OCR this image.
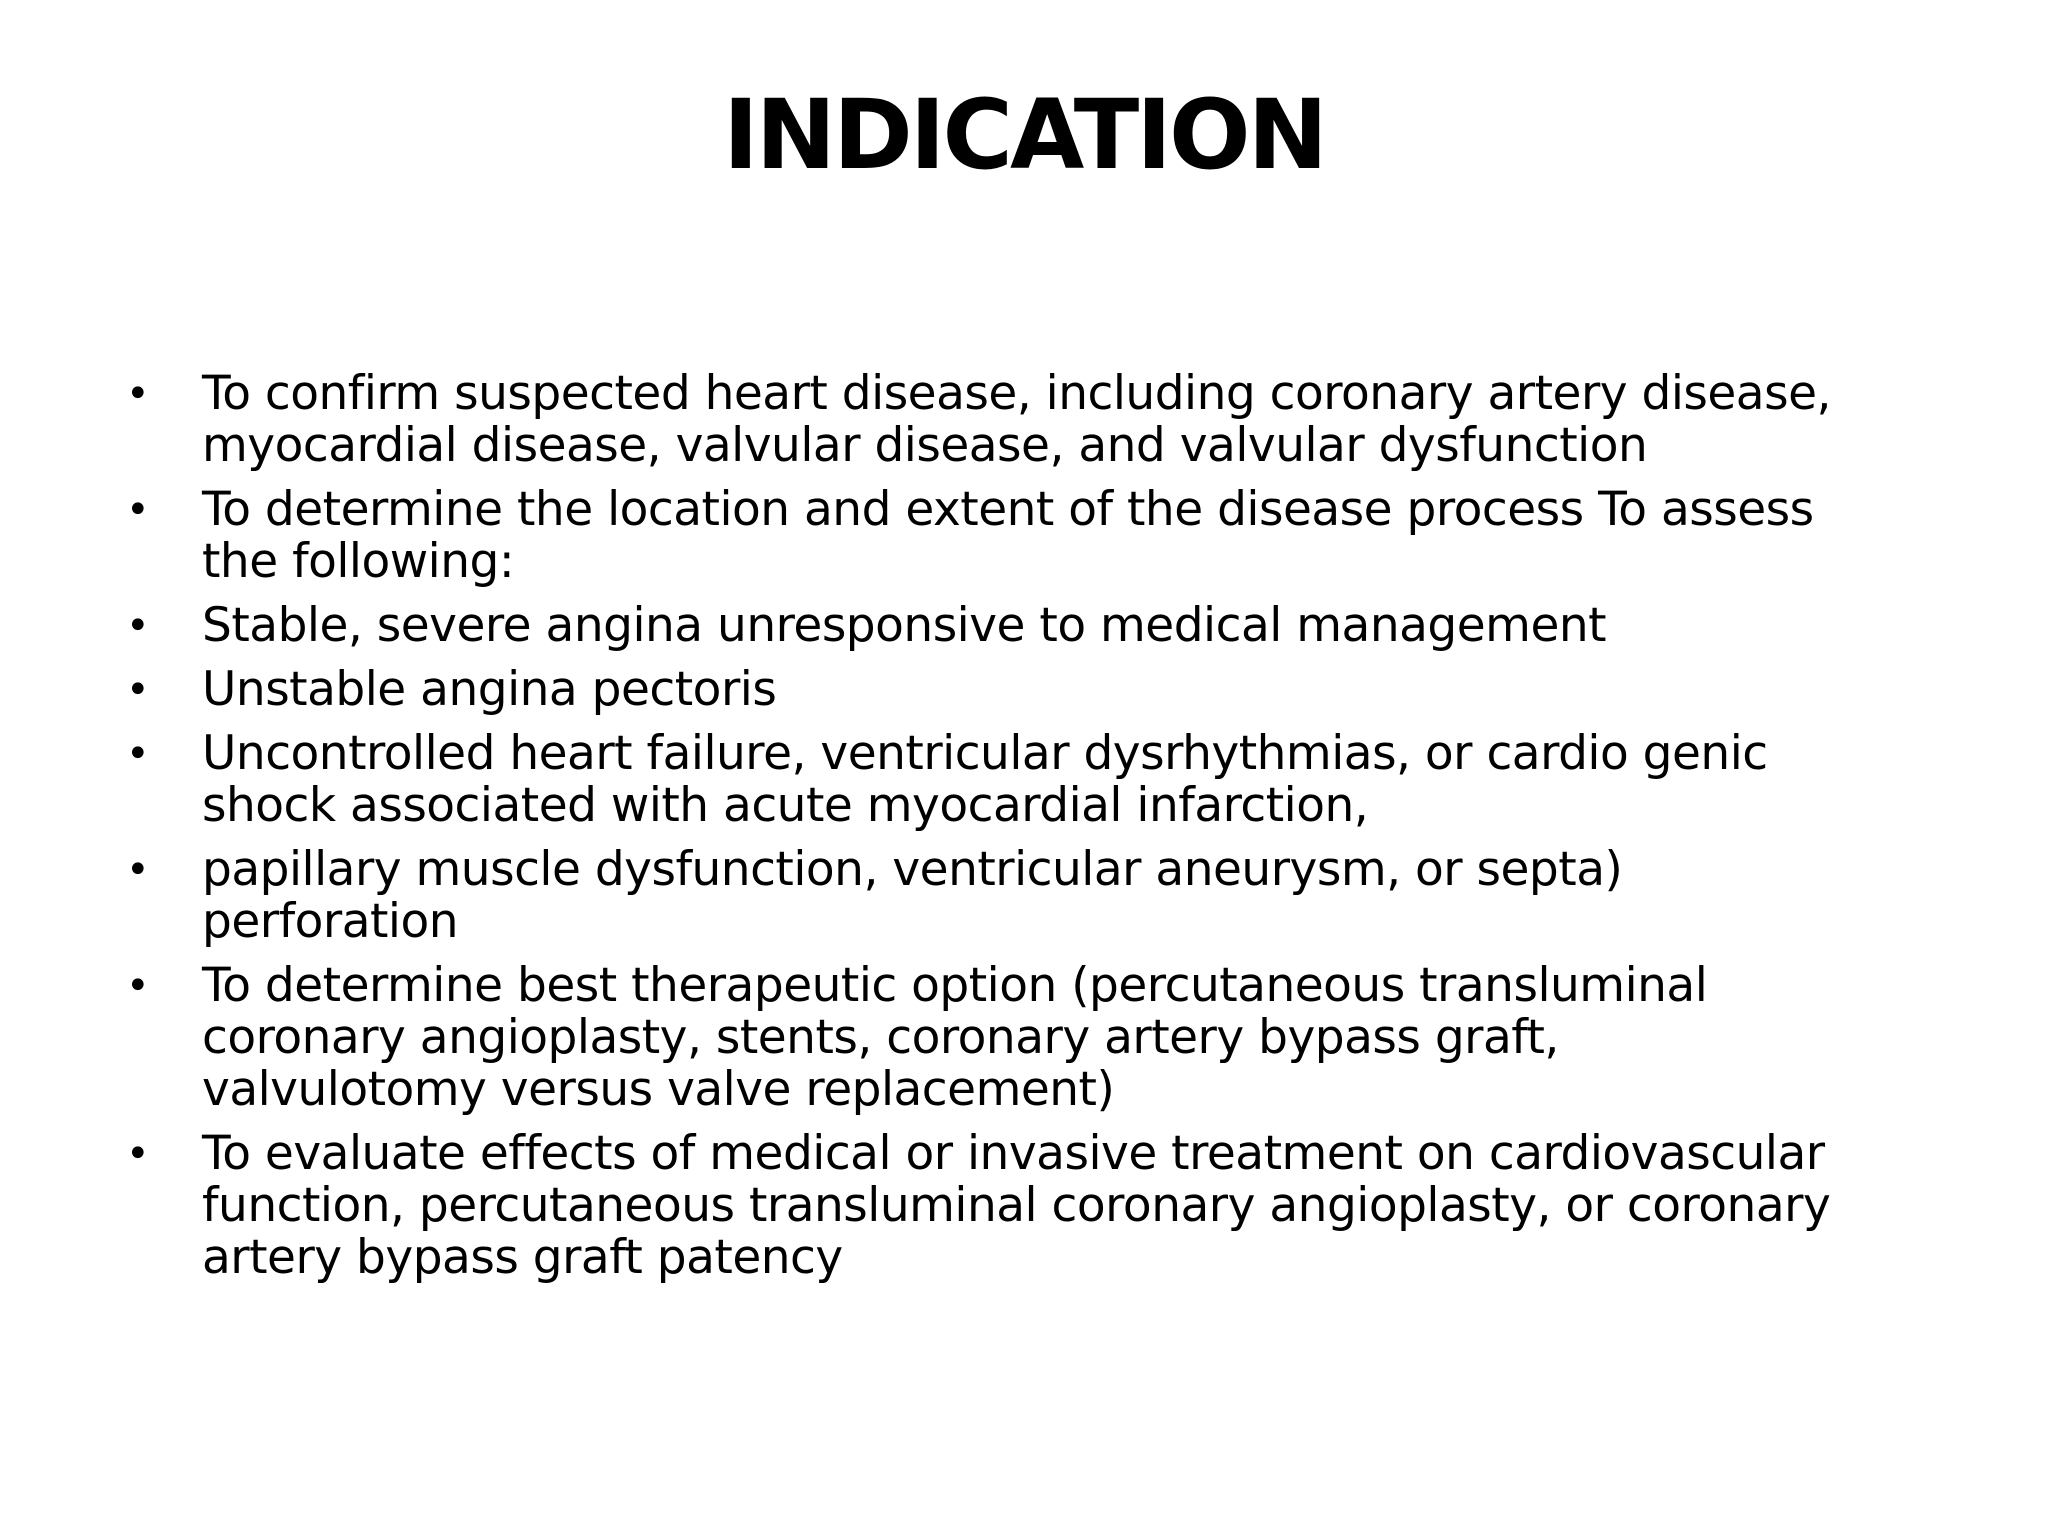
INDICATION
• To confirm suspected heart disease, including coronary artery disease,
myocardial disease, valvular disease, and valvular dysfunction
• To determine the location and extent of the disease process To assess
the following:
• Stable, severe angina unresponsive to medical management
• Unstable angina pectoris
• Uncontrolled heart failure, ventricular dysrhythmias, or cardio genic
shock associated with acute myocardial infarction,
• papillary muscle dysfunction, ventricular aneurysm, or septa)
perforation
• To determine best therapeutic option (percutaneous transluminal
coronary angioplasty, stents, coronary artery bypass graft,
valvulotomy versus valve replacement)
• To evaluate effects of medical or invasive treatment on cardiovascular
function, percutaneous transluminal coronary angioplasty, or coronary
artery bypass graft patency
